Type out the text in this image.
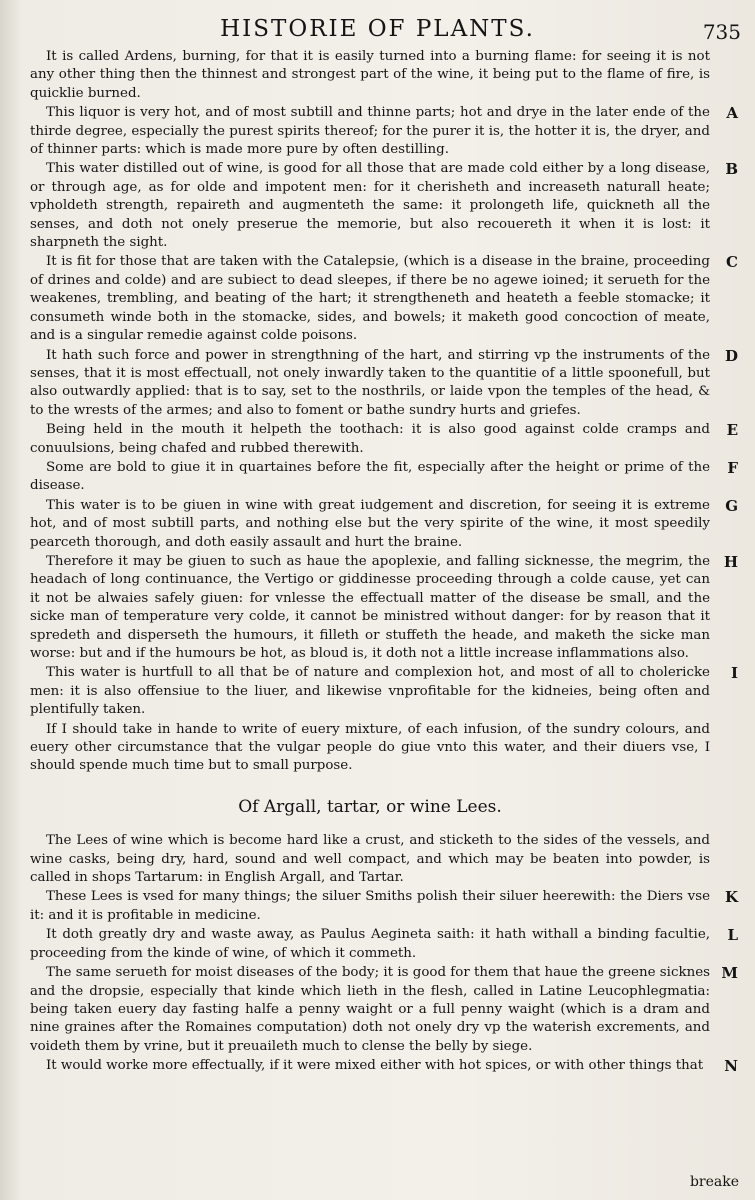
HISTORIE OF PLANTS.	735

It is called Ardens, burning, for that it is easily turned into a burning flame: for seeing it is not any other thing then the thinnest and strongest part of the wine, it being put to the flame of fire, is quicklie burned.

This liquor is very hot, and of most subtill and thinne parts; hot and drye in the later ende of the thirde degree, especially the purest spirits thereof; for the purer it is, the hotter it is, the dryer, and of thinner parts: which is made more pure by often destilling.
A

This water distilled out of wine, is good for all those that are made cold either by a long disease, or through age, as for olde and impotent men: for it cherisheth and increaseth naturall heate; vpholdeth strength, repaireth and augmenteth the same: it prolongeth life, quickneth all the senses, and doth not onely preserue the memorie, but also recouereth it when it is lost: it sharpneth the sight.
B

It is fit for those that are taken with the Catalepsie, (which is a disease in the braine, proceeding of drines and colde) and are subiect to dead sleepes, if there be no agewe ioined; it serueth for the weakenes, trembling, and beating of the hart; it strengtheneth and heateth a feeble stomacke; it consumeth winde both in the stomacke, sides, and bowels; it maketh good concoction of meate, and is a singular remedie against colde poisons.
C

It hath such force and power in strengthning of the hart, and stirring vp the instruments of the senses, that it is most effectuall, not onely inwardly taken to the quantitie of a little spoonefull, but also outwardly applied: that is to say, set to the nosthrils, or laide vpon the temples of the head, & to the wrests of the armes; and also to foment or bathe sundry hurts and griefes.
D

Being held in the mouth it helpeth the toothach: it is also good against colde cramps and conuulsions, being chafed and rubbed therewith.
E

Some are bold to giue it in quartaines before the fit, especially after the height or prime of the disease.
F

This water is to be giuen in wine with great iudgement and discretion, for seeing it is extreme hot, and of most subtill parts, and nothing else but the very spirite of the wine, it most speedily pearceth thorough, and doth easily assault and hurt the braine.
G

Therefore it may be giuen to such as haue the apoplexie, and falling sicknesse, the megrim, the headach of long continuance, the Vertigo or giddinesse proceeding through a colde cause, yet can it not be alwaies safely giuen: for vnlesse the effectuall matter of the disease be small, and the sicke man of temperature very colde, it cannot be ministred without danger: for by reason that it spredeth and disperseth the humours, it filleth or stuffeth the heade, and maketh the sicke man worse: but and if the humours be hot, as bloud is, it doth not a little increase inflammations also.
H

This water is hurtfull to all that be of nature and complexion hot, and most of all to cholericke men: it is also offensiue to the liuer, and likewise vnprofitable for the kidneies, being often and plentifully taken.
I

If I should take in hande to write of euery mixture, of each infusion, of the sundry colours, and euery other circumstance that the vulgar people do giue vnto this water, and their diuers vse, I should spende much time but to small purpose.

Of Argall, tartar, or wine Lees.

The Lees of wine which is become hard like a crust, and sticketh to the sides of the vessels, and wine casks, being dry, hard, sound and well compact, and which may be beaten into powder, is called in shops Tartarum: in English Argall, and Tartar.

These Lees is vsed for many things; the siluer Smiths polish their siluer heerewith: the Diers vse it: and it is profitable in medicine.
K

It doth greatly dry and waste away, as Paulus Aegineta saith: it hath withall a binding facultie, proceeding from the kinde of wine, of which it commeth.
L

The same serueth for moist diseases of the body; it is good for them that haue the greene sicknes and the dropsie, especially that kinde which lieth in the flesh, called in Latine Leucophlegmatia: being taken euery day fasting halfe a penny waight or a full penny waight (which is a dram and nine graines after the Romaines computation) doth not onely dry vp the waterish excrements, and voideth them by vrine, but it preuaileth much to clense the belly by siege.
M

It would worke more effectually, if it were mixed either with hot spices, or with other things that N

breake
